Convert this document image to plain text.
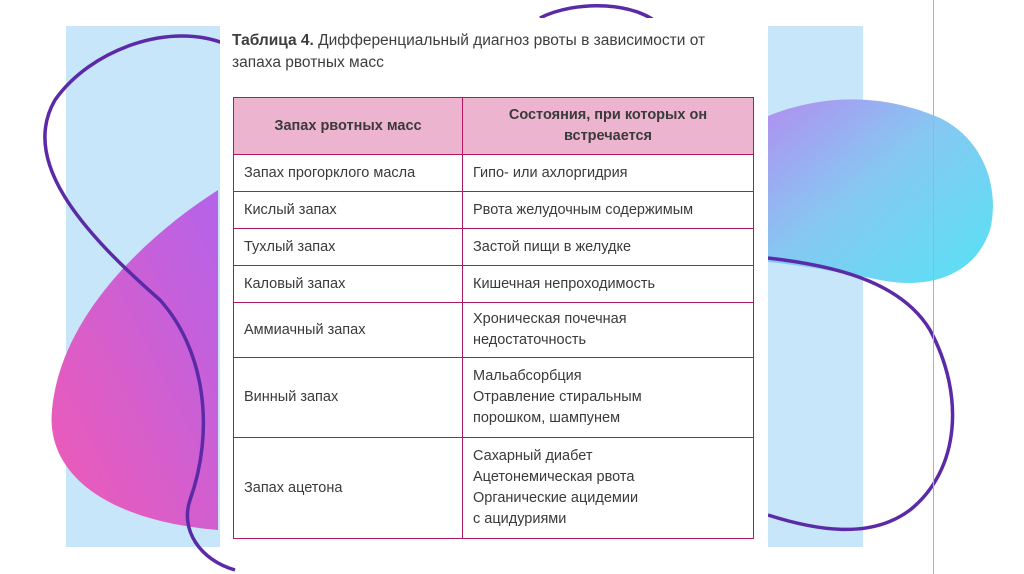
Таблица 4. Дифференциальный диагноз рвоты в зависимости от запаха рвотных масс
Запах рвотных масс	Состояния, при которых он встречается
Запах прогорклого масла	Гипо- или ахлоргидрия

Кислый запах	Рвота желудочным содержимым

Тухлый запах	Застой пищи в желудке

Каловый запах	Кишечная непроходимость

Аммиачный запах	Хроническая почечная
недостаточность

Винный запах	Мальабсорбция
Отравление стиральным
порошком, шампунем

Запах ацетона	Сахарный диабет
Ацетонемическая рвота
Органические ацидемии
с ацидуриями
